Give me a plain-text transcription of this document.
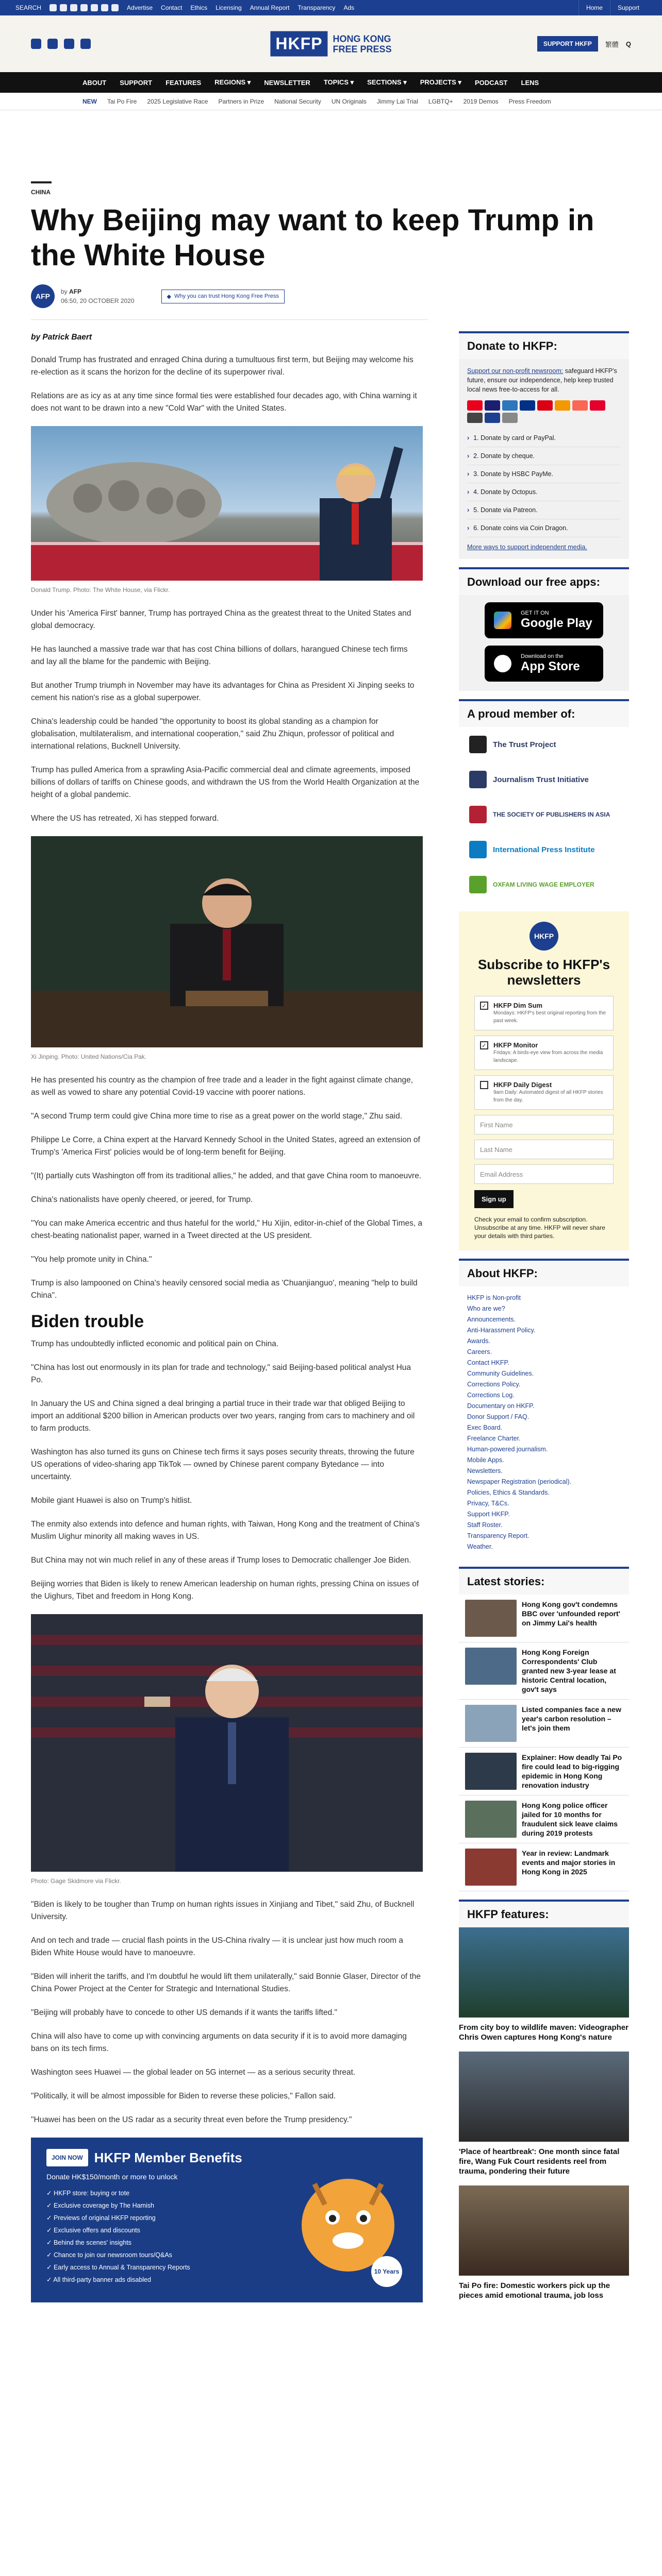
SEARCH	Advertise Contact Ethics Licensing Annual Report Transparency Ads	Home	Support
HKFP	HONG KONG
FREE PRESS	SUPPORT HKFP	繁體 Q
ABOUT SUPPORT FEATURES REGIONS ▾ NEWSLETTER TOPICS ▾ SECTIONS ▾ PROJECTS ▾ PODCAST LENS
NEW Tai Po Fire 2025 Legislative Race Partners in Prize National Security UN Originals Jimmy Lai Trial LGBTQ+ 2019 Demos Press Freedom
CHINA
Why Beijing may want to keep Trump in the White House
AFP
by AFP
06:50, 20 OCTOBER 2020
◆ Why you can trust Hong Kong Free Press
by Patrick Baert

Donald Trump has frustrated and enraged China during a tumultuous first term, but Beijing may welcome his re-election as it scans the horizon for the decline of its superpower rival.

Relations are as icy as at any time since formal ties were established four decades ago, with China warning it does not want to be drawn into a new "Cold War" with the United States.

Donald Trump. Photo: The White House, via Flickr.

Under his 'America First' banner, Trump has portrayed China as the greatest threat to the United States and global democracy.

He has launched a massive trade war that has cost China billions of dollars, harangued Chinese tech firms and lay all the blame for the pandemic with Beijing.

But another Trump triumph in November may have its advantages for China as President Xi Jinping seeks to cement his nation's rise as a global superpower.

China's leadership could be handed "the opportunity to boost its global standing as a champion for globalisation, multilateralism, and international cooperation," said Zhu Zhiqun, professor of political and international relations, Bucknell University.

Trump has pulled America from a sprawling Asia-Pacific commercial deal and climate agreements, imposed billions of dollars of tariffs on Chinese goods, and withdrawn the US from the World Health Organization at the height of a global pandemic.

Where the US has retreated, Xi has stepped forward.

Xi Jinping. Photo: United Nations/Cia Pak.

He has presented his country as the champion of free trade and a leader in the fight against climate change, as well as vowed to share any potential Covid-19 vaccine with poorer nations.

"A second Trump term could give China more time to rise as a great power on the world stage," Zhu said.

Philippe Le Corre, a China expert at the Harvard Kennedy School in the United States, agreed an extension of Trump's 'America First' policies would be of long-term benefit for Beijing.

"(It) partially cuts Washington off from its traditional allies," he added, and that gave China room to manoeuvre.

China's nationalists have openly cheered, or jeered, for Trump.

"You can make America eccentric and thus hateful for the world," Hu Xijin, editor-in-chief of the Global Times, a chest-beating nationalist paper, warned in a Tweet directed at the US president.

"You help promote unity in China."

Trump is also lampooned on China's heavily censored social media as 'Chuanjianguo', meaning "help to build China".

Biden trouble

Trump has undoubtedly inflicted economic and political pain on China.

"China has lost out enormously in its plan for trade and technology," said Beijing-based political analyst Hua Po.

In January the US and China signed a deal bringing a partial truce in their trade war that obliged Beijing to import an additional $200 billion in American products over two years, ranging from cars to machinery and oil to farm products.

Washington has also turned its guns on Chinese tech firms it says poses security threats, throwing the future US operations of video-sharing app TikTok — owned by Chinese parent company Bytedance — into uncertainty.

Mobile giant Huawei is also on Trump's hitlist.

The enmity also extends into defence and human rights, with Taiwan, Hong Kong and the treatment of China's Muslim Uighur minority all making waves in US.

But China may not win much relief in any of these areas if Trump loses to Democratic challenger Joe Biden.

Beijing worries that Biden is likely to renew American leadership on human rights, pressing China on issues of the Uighurs, Tibet and freedom in Hong Kong.

Photo: Gage Skidmore via Flickr.

"Biden is likely to be tougher than Trump on human rights issues in Xinjiang and Tibet," said Zhu, of Bucknell University.

And on tech and trade — crucial flash points in the US-China rivalry — it is unclear just how much room a Biden White House would have to manoeuvre.

"Biden will inherit the tariffs, and I'm doubtful he would lift them unilaterally," said Bonnie Glaser, Director of the China Power Project at the Center for Strategic and International Studies.

"Beijing will probably have to concede to other US demands if it wants the tariffs lifted."

China will also have to come up with convincing arguments on data security if it is to avoid more damaging bans on its tech firms.

Washington sees Huawei — the global leader on 5G internet — as a serious security threat.

"Politically, it will be almost impossible for Biden to reverse these policies," Fallon said.

"Huawei has been on the US radar as a security threat even before the Trump presidency."

JOIN NOW HKFP Member Benefits
Donate HK$150/month or more to unlock
✓ HKFP store: buying or tote
✓ Exclusive coverage by The Hamish
✓ Previews of original HKFP reporting
✓ Exclusive offers and discounts
✓ Behind the scenes' insights
✓ Chance to join our newsroom tours/Q&As
✓ Early access to Annual & Transparency Reports
✓ All third-party banner ads disabled
10 Years
Donate to HKFP:
Support our non-profit newsroom: safeguard HKFP's future, ensure our independence, help keep trusted local news free-to-access for all.
› 1. Donate by card or PayPal.
› 2. Donate by cheque.
› 3. Donate by HSBC PayMe.
› 4. Donate by Octopus.
› 5. Donate via Patreon.
› 6. Donate coins via Coin Dragon.
More ways to support independent media.
Download our free apps:
GET IT ON
Google Play
Download on the
App Store
A proud member of:
The Trust Project
Journalism Trust Initiative
THE SOCIETY OF PUBLISHERS IN ASIA
International Press Institute
OXFAM LIVING WAGE EMPLOYER
HKFP
Subscribe to HKFP's newsletters
✓ HKFP Dim Sum
Mondays: HKFP's best original reporting from the past week.
✓ HKFP Monitor
Fridays: A birds-eye view from across the media landscape.
HKFP Daily Digest
9am Daily: Automated digest of all HKFP stories from the day.
First Name
Last Name
Email Address
Sign up
Check your email to confirm subscription. Unsubscribe at any time. HKFP will never share your details with third parties.
About HKFP:
HKFP is Non-profit
Who are we?
Announcements.
Anti-Harassment Policy.
Awards.
Careers.
Contact HKFP.
Community Guidelines.
Corrections Policy.
Corrections Log.
Documentary on HKFP.
Donor Support / FAQ.
Exec Board.
Freelance Charter.
Human-powered journalism.
Mobile Apps.
Newsletters.
Newspaper Registration (periodical).
Policies, Ethics & Standards.
Privacy, T&Cs.
Support HKFP.
Staff Roster.
Transparency Report.
Weather.
Latest stories:
Hong Kong gov't condemns BBC over 'unfounded report' on Jimmy Lai's health
Hong Kong Foreign Correspondents' Club granted new 3-year lease at historic Central location, gov't says
Listed companies face a new year's carbon resolution – let's join them
Explainer: How deadly Tai Po fire could lead to big-rigging epidemic in Hong Kong renovation industry
Hong Kong police officer jailed for 10 months for fraudulent sick leave claims during 2019 protests
Year in review: Landmark events and major stories in Hong Kong in 2025
HKFP features:
From city boy to wildlife maven: Videographer Chris Owen captures Hong Kong's nature
'Place of heartbreak': One month since fatal fire, Wang Fuk Court residents reel from trauma, pondering their future
Tai Po fire: Domestic workers pick up the pieces amid emotional trauma, job loss
